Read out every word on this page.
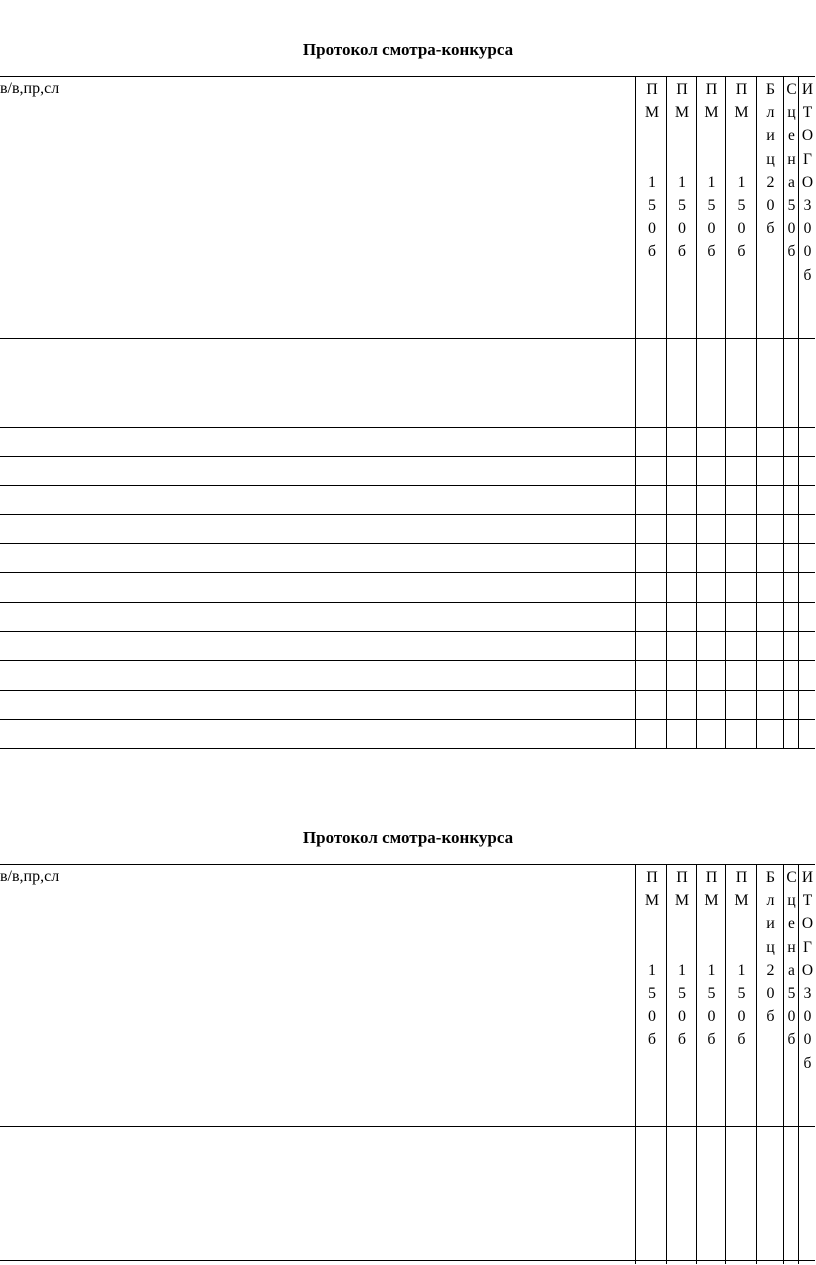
Протокол смотра-конкурса
в/в,пр,сл	П
М

1
5
0
б
П
М

1
5
0
б
П
М

1
5
0
б
П
М

1
5
0
б
Б
л
и
ц
2
0
б
С
ц
е
н
а
5
0
б
И
Т
О
Г
О
3
0
0
б
Протокол смотра-конкурса
в/в,пр,сл	П
М

1
5
0
б
П
М

1
5
0
б
П
М

1
5
0
б
П
М

1
5
0
б
Б
л
и
ц
2
0
б
С
ц
е
н
а
5
0
б
И
Т
О
Г
О
3
0
0
б
